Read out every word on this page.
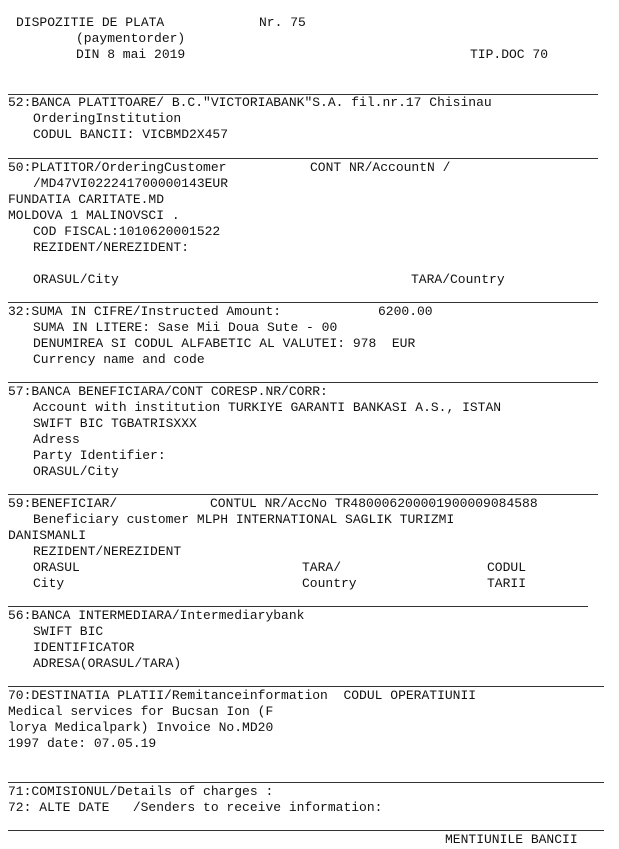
DISPOZITIE DE PLATA	Nr. 75
(paymentorder)
DIN 8 mai 2019	TIP.DOC 70
52:BANCA PLATITOARE/ B.C."VICTORIABANK"S.A. fil.nr.17 Chisinau
OrderingInstitution
CODUL BANCII: VICBMD2X457
50:PLATITOR/OrderingCustomer	CONT NR/AccountN /
/MD47VI022241700000143EUR
FUNDATIA CARITATE.MD
MOLDOVA 1 MALINOVSCI .
COD FISCAL:1010620001522
REZIDENT/NEREZIDENT:
ORASUL/City	TARA/Country
32:SUMA IN CIFRE/Instructed Amount:	6200.00
SUMA IN LITERE: Sase Mii Doua Sute - 00
DENUMIREA SI CODUL ALFABETIC AL VALUTEI: 978  EUR
Currency name and code
57:BANCA BENEFICIARA/CONT CORESP.NR/CORR:
Account with institution TURKIYE GARANTI BANKASI A.S., ISTAN
SWIFT BIC TGBATRISXXX
Adress
Party Identifier:
ORASUL/City
59:BENEFICIAR/	CONTUL NR/AccNo TR480006200001900009084588
Beneficiary customer MLPH INTERNATIONAL SAGLIK TURIZMI
DANISMANLI
REZIDENT/NEREZIDENT
ORASUL	TARA/	CODUL
City	Country	TARII
56:BANCA INTERMEDIARA/Intermediarybank
SWIFT BIC
IDENTIFICATOR
ADRESA(ORASUL/TARA)
70:DESTINATIA PLATII/Remitanceinformation  CODUL OPERATIUNII
Medical services for Bucsan Ion (F
lorya Medicalpark) Invoice No.MD20
1997 date: 07.05.19
71:COMISIONUL/Details of charges :
72: ALTE DATE   /Senders to receive information:
MENTIUNILE BANCII
